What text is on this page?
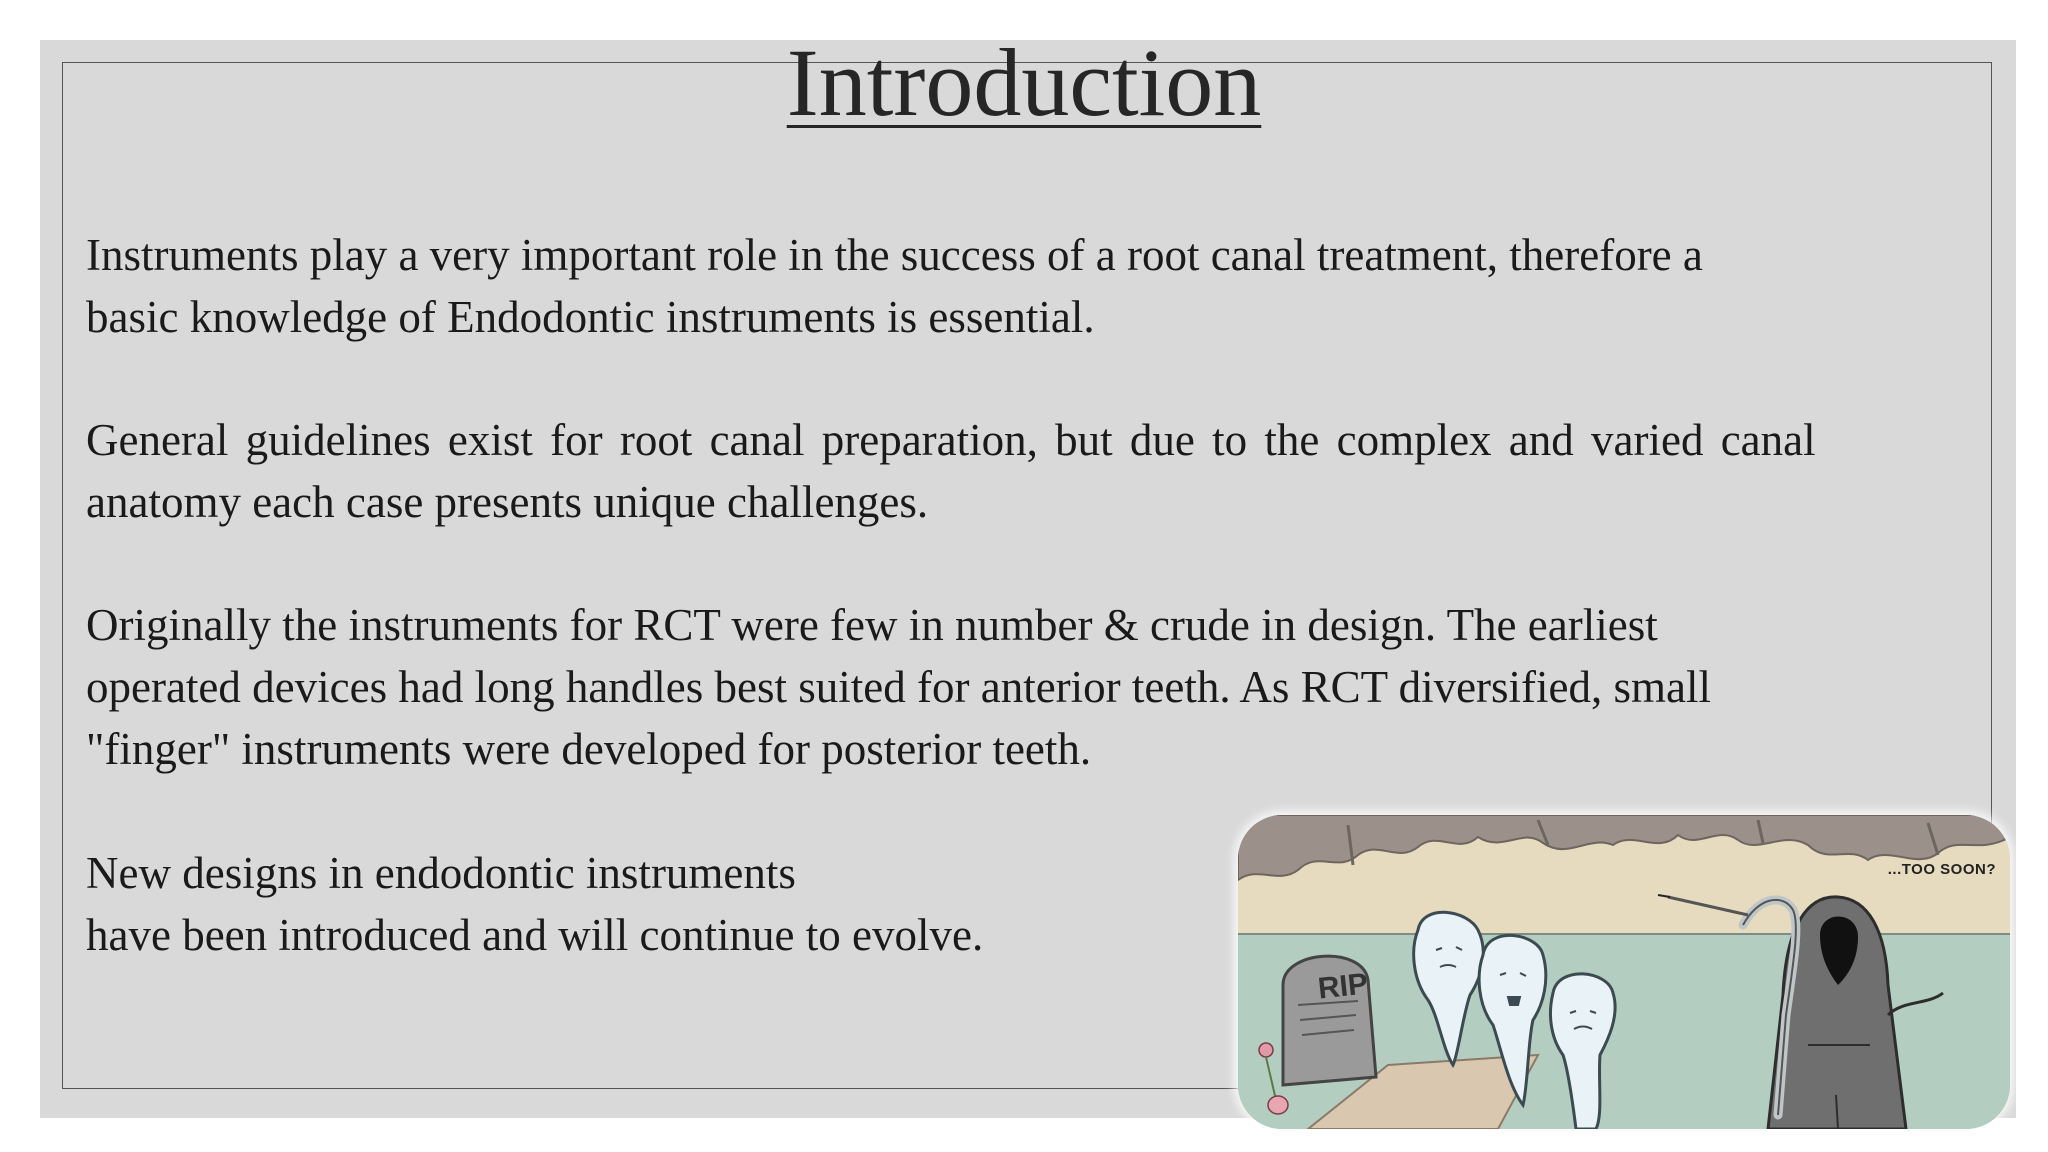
Introduction
Instruments play a very important role in the success of a root canal treatment, therefore a
basic knowledge of Endodontic instruments is essential.
General guidelines exist for root canal preparation, but due to the complex and varied canal
anatomy each case presents unique challenges.
Originally the instruments for RCT were few in number & crude in design. The earliest
operated devices had long handles best suited for anterior teeth. As RCT diversified, small
"finger" instruments were developed for posterior teeth.
New designs in endodontic instruments
have been introduced and will continue to evolve.
...TOO SOON?
RIP
